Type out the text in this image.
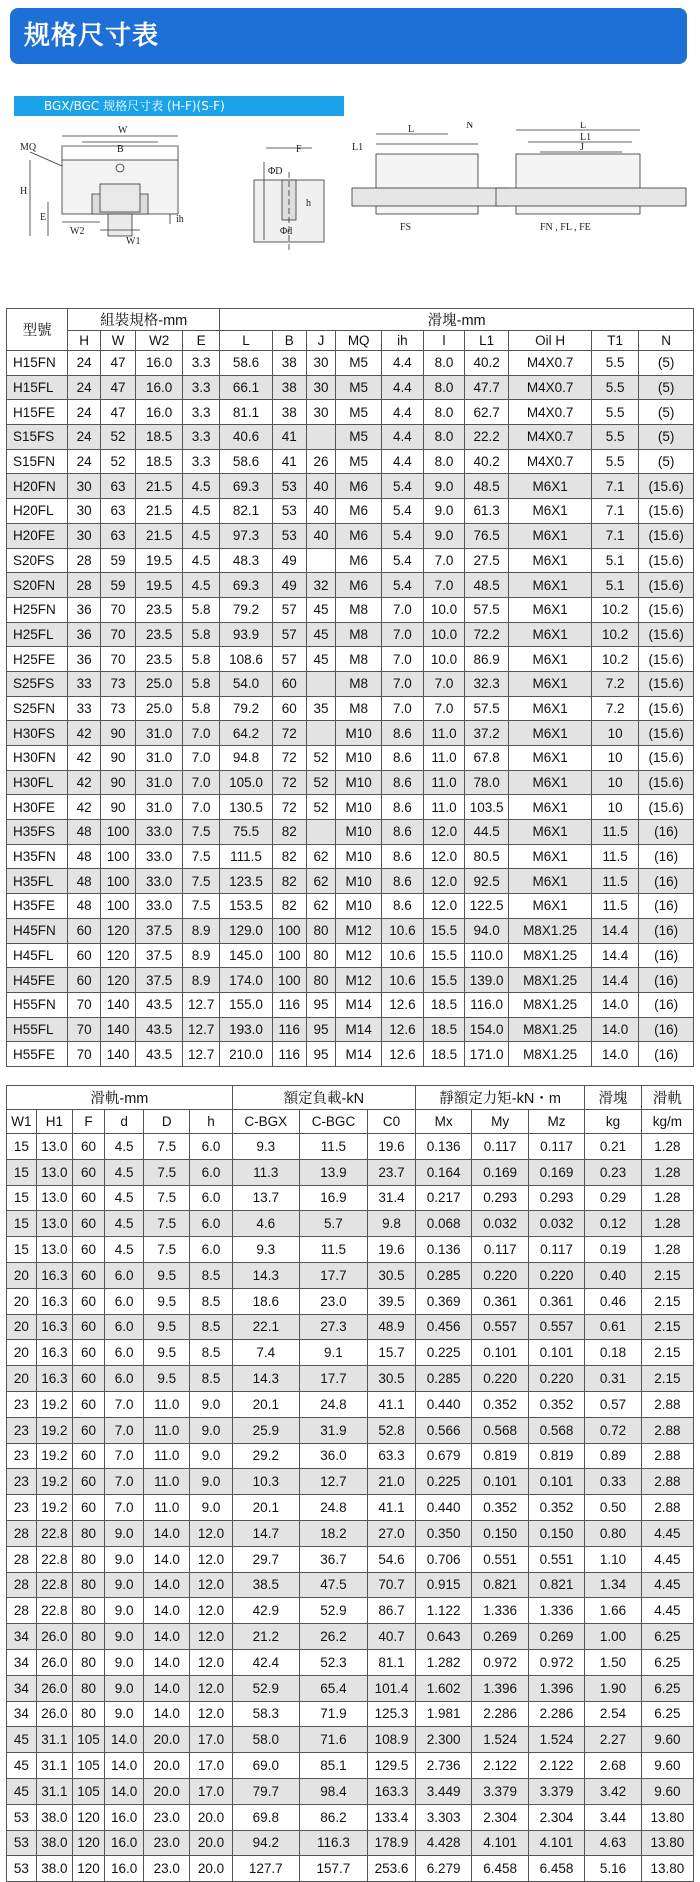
规格尺寸表
BGX/BGC 规格尺寸表 (H-F)(S-F)
MQ
W
B
H
E
W2
W1
ih
F
ΦD
h
Φd
L1
L
FS
N	L
L1
J
FN , FL , FE
型號	組裝規格-mm				滑塊-mm									
	H	W	W2	E	L	B	J	MQ	ih	l	L1	Oil H	T1	N
H15FN	24	47	16.0	3.3	58.6	38	30	M5	4.4	8.0	40.2	M4X0.7	5.5	(5)
H15FL	24	47	16.0	3.3	66.1	38	30	M5	4.4	8.0	47.7	M4X0.7	5.5	(5)
H15FE	24	47	16.0	3.3	81.1	38	30	M5	4.4	8.0	62.7	M4X0.7	5.5	(5)
S15FS	24	52	18.5	3.3	40.6	41		M5	4.4	8.0	22.2	M4X0.7	5.5	(5)
S15FN	24	52	18.5	3.3	58.6	41	26	M5	4.4	8.0	40.2	M4X0.7	5.5	(5)
H20FN	30	63	21.5	4.5	69.3	53	40	M6	5.4	9.0	48.5	M6X1	7.1	(15.6)
H20FL	30	63	21.5	4.5	82.1	53	40	M6	5.4	9.0	61.3	M6X1	7.1	(15.6)
H20FE	30	63	21.5	4.5	97.3	53	40	M6	5.4	9.0	76.5	M6X1	7.1	(15.6)
S20FS	28	59	19.5	4.5	48.3	49		M6	5.4	7.0	27.5	M6X1	5.1	(15.6)
S20FN	28	59	19.5	4.5	69.3	49	32	M6	5.4	7.0	48.5	M6X1	5.1	(15.6)
H25FN	36	70	23.5	5.8	79.2	57	45	M8	7.0	10.0	57.5	M6X1	10.2	(15.6)
H25FL	36	70	23.5	5.8	93.9	57	45	M8	7.0	10.0	72.2	M6X1	10.2	(15.6)
H25FE	36	70	23.5	5.8	108.6	57	45	M8	7.0	10.0	86.9	M6X1	10.2	(15.6)
S25FS	33	73	25.0	5.8	54.0	60		M8	7.0	7.0	32.3	M6X1	7.2	(15.6)
S25FN	33	73	25.0	5.8	79.2	60	35	M8	7.0	7.0	57.5	M6X1	7.2	(15.6)
H30FS	42	90	31.0	7.0	64.2	72		M10	8.6	11.0	37.2	M6X1	10	(15.6)
H30FN	42	90	31.0	7.0	94.8	72	52	M10	8.6	11.0	67.8	M6X1	10	(15.6)
H30FL	42	90	31.0	7.0	105.0	72	52	M10	8.6	11.0	78.0	M6X1	10	(15.6)
H30FE	42	90	31.0	7.0	130.5	72	52	M10	8.6	11.0	103.5	M6X1	10	(15.6)
H35FS	48	100	33.0	7.5	75.5	82		M10	8.6	12.0	44.5	M6X1	11.5	(16)
H35FN	48	100	33.0	7.5	111.5	82	62	M10	8.6	12.0	80.5	M6X1	11.5	(16)
H35FL	48	100	33.0	7.5	123.5	82	62	M10	8.6	12.0	92.5	M6X1	11.5	(16)
H35FE	48	100	33.0	7.5	153.5	82	62	M10	8.6	12.0	122.5	M6X1	11.5	(16)
H45FN	60	120	37.5	8.9	129.0	100	80	M12	10.6	15.5	94.0	M8X1.25	14.4	(16)
H45FL	60	120	37.5	8.9	145.0	100	80	M12	10.6	15.5	110.0	M8X1.25	14.4	(16)
H45FE	60	120	37.5	8.9	174.0	100	80	M12	10.6	15.5	139.0	M8X1.25	14.4	(16)
H55FN	70	140	43.5	12.7	155.0	116	95	M14	12.6	18.5	116.0	M8X1.25	14.0	(16)
H55FL	70	140	43.5	12.7	193.0	116	95	M14	12.6	18.5	154.0	M8X1.25	14.0	(16)
H55FE	70	140	43.5	12.7	210.0	116	95	M14	12.6	18.5	171.0	M8X1.25	14.0	(16)
滑軌-mm						額定負載-kN			靜額定力矩-kN・m			滑塊	滑軌
W1	H1	F	d	D	h	C-BGX	C-BGC	C0	Mx	My	Mz	kg	kg/m
15	13.0	60	4.5	7.5	6.0	9.3	11.5	19.6	0.136	0.117	0.117	0.21	1.28
15	13.0	60	4.5	7.5	6.0	11.3	13.9	23.7	0.164	0.169	0.169	0.23	1.28
15	13.0	60	4.5	7.5	6.0	13.7	16.9	31.4	0.217	0.293	0.293	0.29	1.28
15	13.0	60	4.5	7.5	6.0	4.6	5.7	9.8	0.068	0.032	0.032	0.12	1.28
15	13.0	60	4.5	7.5	6.0	9.3	11.5	19.6	0.136	0.117	0.117	0.19	1.28
20	16.3	60	6.0	9.5	8.5	14.3	17.7	30.5	0.285	0.220	0.220	0.40	2.15
20	16.3	60	6.0	9.5	8.5	18.6	23.0	39.5	0.369	0.361	0.361	0.46	2.15
20	16.3	60	6.0	9.5	8.5	22.1	27.3	48.9	0.456	0.557	0.557	0.61	2.15
20	16.3	60	6.0	9.5	8.5	7.4	9.1	15.7	0.225	0.101	0.101	0.18	2.15
20	16.3	60	6.0	9.5	8.5	14.3	17.7	30.5	0.285	0.220	0.220	0.31	2.15
23	19.2	60	7.0	11.0	9.0	20.1	24.8	41.1	0.440	0.352	0.352	0.57	2.88
23	19.2	60	7.0	11.0	9.0	25.9	31.9	52.8	0.566	0.568	0.568	0.72	2.88
23	19.2	60	7.0	11.0	9.0	29.2	36.0	63.3	0.679	0.819	0.819	0.89	2.88
23	19.2	60	7.0	11.0	9.0	10.3	12.7	21.0	0.225	0.101	0.101	0.33	2.88
23	19.2	60	7.0	11.0	9.0	20.1	24.8	41.1	0.440	0.352	0.352	0.50	2.88
28	22.8	80	9.0	14.0	12.0	14.7	18.2	27.0	0.350	0.150	0.150	0.80	4.45
28	22.8	80	9.0	14.0	12.0	29.7	36.7	54.6	0.706	0.551	0.551	1.10	4.45
28	22.8	80	9.0	14.0	12.0	38.5	47.5	70.7	0.915	0.821	0.821	1.34	4.45
28	22.8	80	9.0	14.0	12.0	42.9	52.9	86.7	1.122	1.336	1.336	1.66	4.45
34	26.0	80	9.0	14.0	12.0	21.2	26.2	40.7	0.643	0.269	0.269	1.00	6.25
34	26.0	80	9.0	14.0	12.0	42.4	52.3	81.1	1.282	0.972	0.972	1.50	6.25
34	26.0	80	9.0	14.0	12.0	52.9	65.4	101.4	1.602	1.396	1.396	1.90	6.25
34	26.0	80	9.0	14.0	12.0	58.3	71.9	125.3	1.981	2.286	2.286	2.54	6.25
45	31.1	105	14.0	20.0	17.0	58.0	71.6	108.9	2.300	1.524	1.524	2.27	9.60
45	31.1	105	14.0	20.0	17.0	69.0	85.1	129.5	2.736	2.122	2.122	2.68	9.60
45	31.1	105	14.0	20.0	17.0	79.7	98.4	163.3	3.449	3.379	3.379	3.42	9.60
53	38.0	120	16.0	23.0	20.0	69.8	86.2	133.4	3.303	2.304	2.304	3.44	13.80
53	38.0	120	16.0	23.0	20.0	94.2	116.3	178.9	4.428	4.101	4.101	4.63	13.80
53	38.0	120	16.0	23.0	20.0	127.7	157.7	253.6	6.279	6.458	6.458	5.16	13.80
